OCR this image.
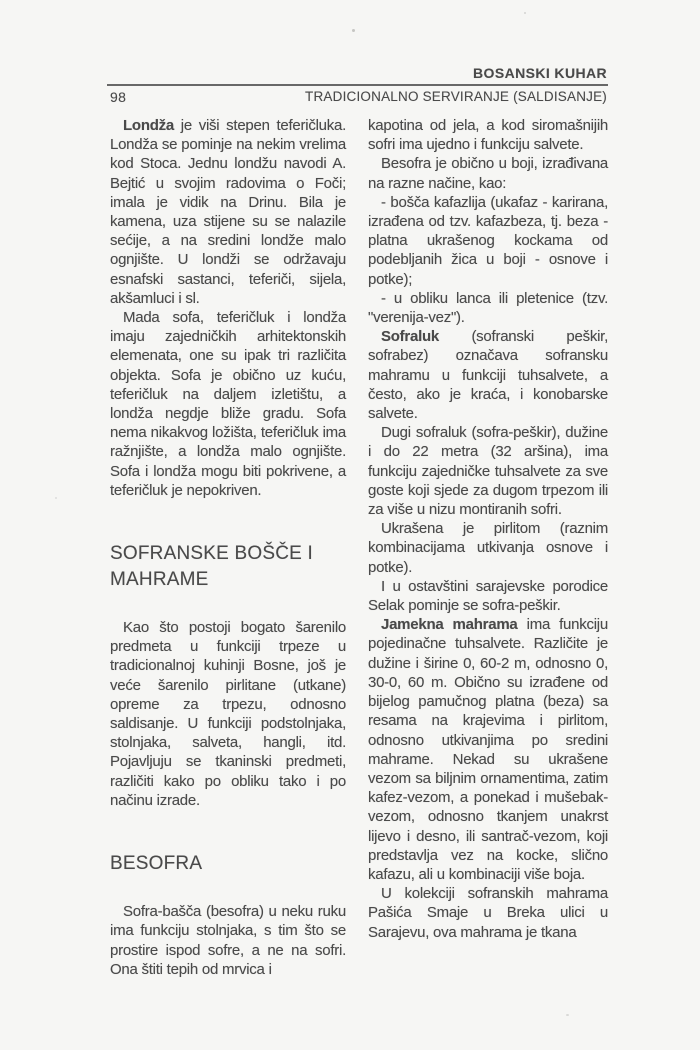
BOSANSKI KUHAR
98	TRADICIONALNO SERVIRANJE (SALDISANJE)

Londža je viši stepen teferičluka. Londža se pominje na nekim vrelima kod Stoca. Jednu londžu navodi A. Bejtić u svojim radovima o Foči; imala je vidik na Drinu. Bila je kamena, uza stijene su se nalazile sećije, a na sredini londže malo ognjište. U londži se održavaju esnafski sastanci, teferiči, sijela, akšamluci i sl.

Mada sofa, teferičluk i londža imaju zajedničkih arhitektonskih elemenata, one su ipak tri različita objekta. Sofa je obično uz kuću, teferičluk na daljem izletištu, a londža negdje bliže gradu. Sofa nema nikakvog ložišta, teferičluk ima ražnjište, a londža malo ognjište. Sofa i londža mogu biti pokrivene, a teferičluk je nepokriven.

SOFRANSKE BOŠČE I MAHRAME

Kao što postoji bogato šarenilo predmeta u funkciji trpeze u tradicionalnoj kuhinji Bosne, još je veće šarenilo pirlitane (utkane) opreme za trpezu, odnosno saldisanje. U funkciji podstolnjaka, stolnjaka, salveta, hangli, itd. Pojavljuju se tkaninski predmeti, različiti kako po obliku tako i po načinu izrade.

BESOFRA

Sofra-bašča (besofra) u neku ruku ima funkciju stolnjaka, s tim što se prostire ispod sofre, a ne na sofri. Ona štiti tepih od mrvica i

kapotina od jela, a kod siromašnijih sofri ima ujedno i funkciju salvete.

Besofra je obično u boji, izrađivana na razne načine, kao:

- bošča kafazlija (ukafaz - karirana, izrađena od tzv. kafazbeza, tj. beza - platna ukrašenog kockama od podebljanih žica u boji - osnove i potke);

- u obliku lanca ili pletenice (tzv. "verenija-vez").

Sofraluk (sofranski peškir, sofrabez) označava sofransku mahramu u funkciji tuhsalvete, a često, ako je kraća, i konobarske salvete.

Dugi sofraluk (sofra-peškir), dužine i do 22 metra (32 aršina), ima funkciju zajedničke tuhsalvete za sve goste koji sjede za dugom trpezom ili za više u nizu montiranih sofri.

Ukrašena je pirlitom (raznim kombinacijama utkivanja osnove i potke).

I u ostavštini sarajevske porodice Selak pominje se sofra-peškir.

Jamekna mahrama ima funkciju pojedinačne tuhsalvete. Različite je dužine i širine 0, 60-2 m, odnosno 0, 30-0, 60 m. Obično su izrađene od bijelog pamučnog platna (beza) sa resama na krajevima i pirlitom, odnosno utkivanjima po sredini mahrame. Nekad su ukrašene vezom sa biljnim ornamentima, zatim kafez-vezom, a ponekad i mušebak-vezom, odnosno tkanjem unakrst lijevo i desno, ili santrač-vezom, koji predstavlja vez na kocke, slično kafazu, ali u kombinaciji više boja.

U kolekciji sofranskih mahrama Pašića Smaje u Breka ulici u Sarajevu, ova mahrama je tkana
